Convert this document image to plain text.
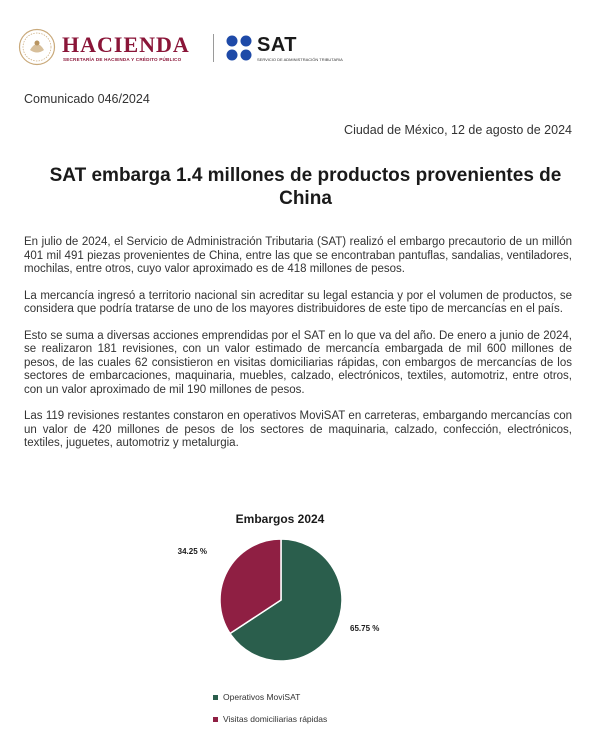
HACIENDA
SECRETARÍA DE HACIENDA Y CRÉDITO PÚBLICO
SAT
SERVICIO DE ADMINISTRACIÓN TRIBUTARIA
Comunicado 046/2024
Ciudad de México, 12 de agosto de 2024
SAT embarga 1.4 millones de productos provenientes de China

En julio de 2024, el Servicio de Administración Tributaria (SAT) realizó el embargo precautorio de un millón 401 mil 491 piezas provenientes de China, entre las que se encontraban pantuflas, sandalias, ventiladores, mochilas, entre otros, cuyo valor aproximado es de 418 millones de pesos.

La mercancía ingresó a territorio nacional sin acreditar su legal estancia y por el volumen de productos, se considera que podría tratarse de uno de los mayores distribuidores de este tipo de mercancías en el país.

Esto se suma a diversas acciones emprendidas por el SAT en lo que va del año. De enero a junio de 2024, se realizaron 181 revisiones, con un valor estimado de mercancía embargada de mil 600 millones de pesos, de las cuales 62 consistieron en visitas domiciliarias rápidas, con embargos de mercancías de los sectores de embarcaciones, maquinaria, muebles, calzado, electrónicos, textiles, automotriz, entre otros, con un valor aproximado de mil 190 millones de pesos.

Las 119 revisiones restantes constaron en operativos MoviSAT en carreteras, embargando mercancías con un valor de 420 millones de pesos de los sectores de maquinaria, calzado, confección, electrónicos, textiles, juguetes, automotriz y metalurgia.

Embargos 2024
65.75 %
34.25 %
Operativos MoviSAT
Visitas domiciliarias rápidas
